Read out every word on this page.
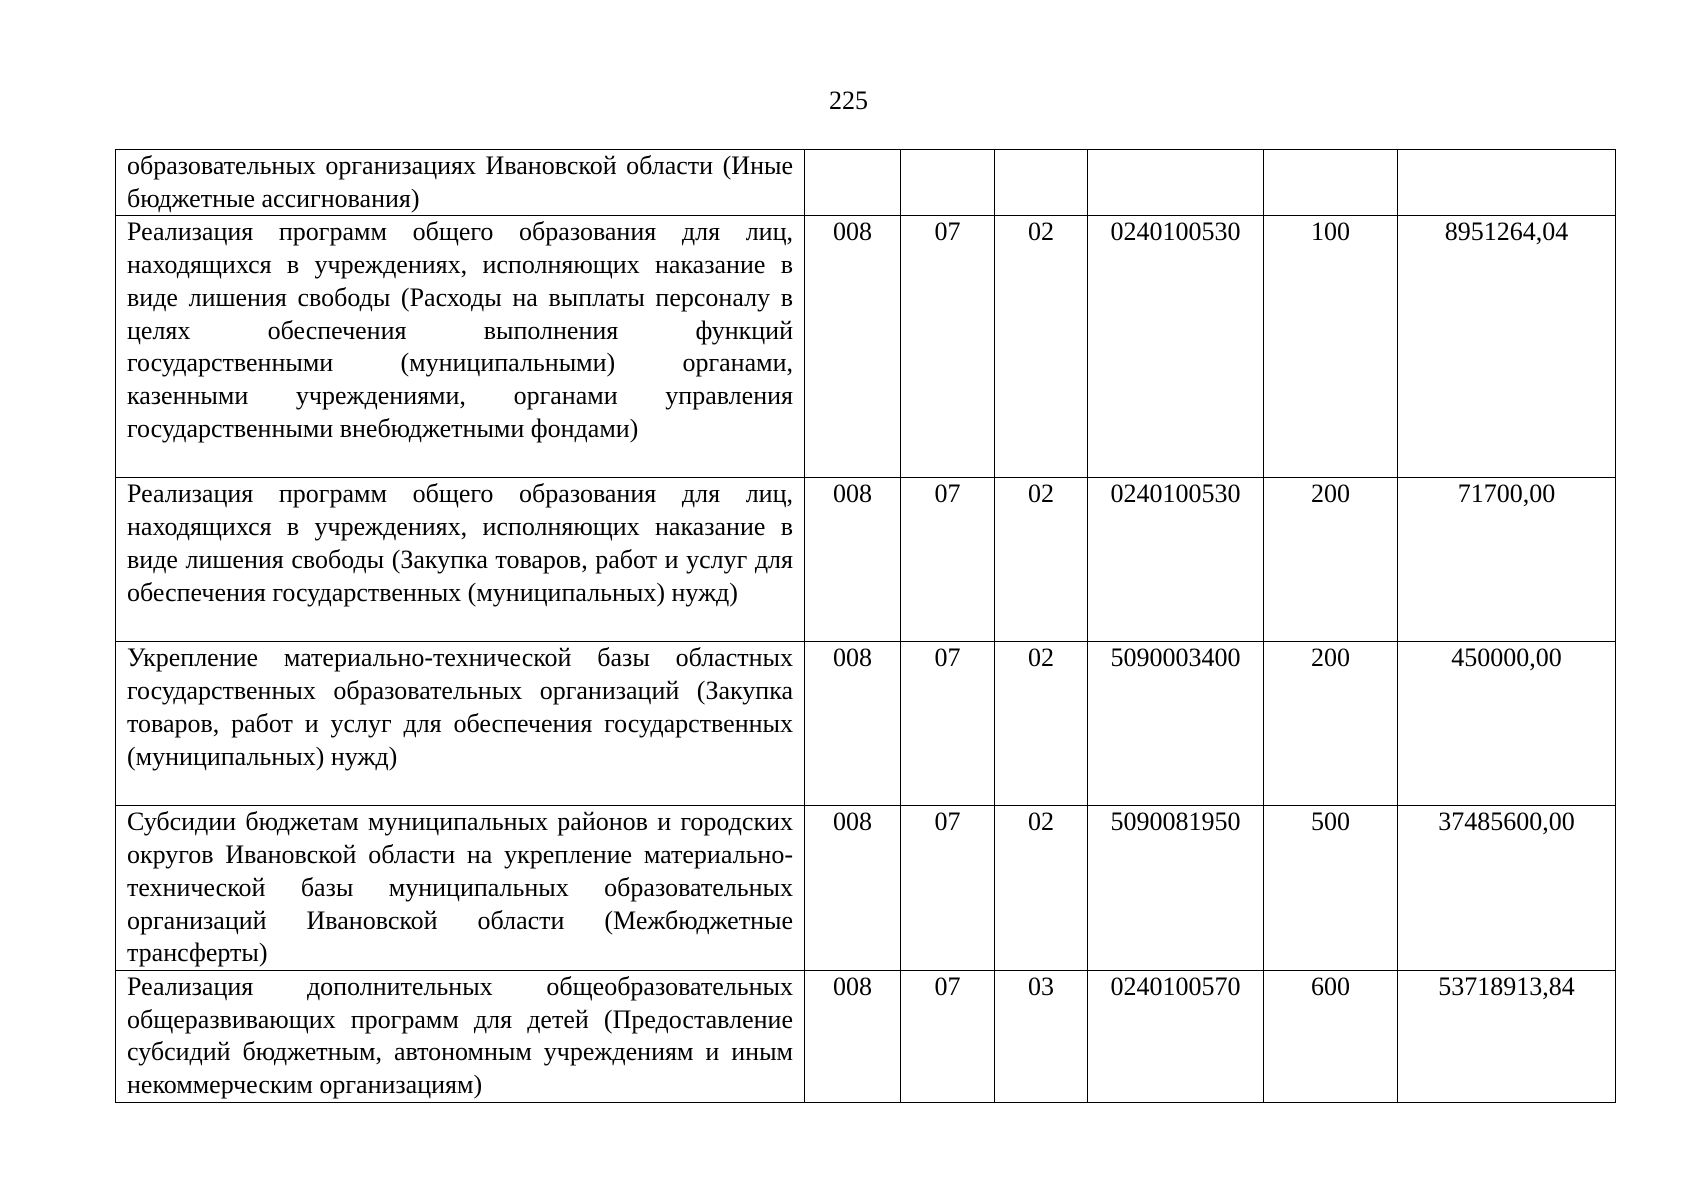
225
образовательных организациях Ивановской области (Иные бюджетные ассигнования)						
Реализация программ общего образования для лиц, находящихся в учреждениях, исполняющих наказание в виде лишения свободы (Расходы на выплаты персоналу в целях обеспечения выполнения функций государственными (муниципальными) органами, казенными учреждениями, органами управления государственными внебюджетными фондами)	008	07	02	0240100530	100	8951264,04
Реализация программ общего образования для лиц, находящихся в учреждениях, исполняющих наказание в виде лишения свободы (Закупка товаров, работ и услуг для обеспечения государственных (муниципальных) нужд)	008	07	02	0240100530	200	71700,00
Укрепление материально-технической базы областных государственных образовательных организаций (Закупка товаров, работ и услуг для обеспечения государственных (муниципальных) нужд)	008	07	02	5090003400	200	450000,00
Субсидии бюджетам муниципальных районов и городских округов Ивановской области на укрепление материально-технической базы муниципальных образовательных организаций Ивановской области (Межбюджетные трансферты)	008	07	02	5090081950	500	37485600,00
Реализация дополнительных общеобразовательных общеразвивающих программ для детей (Предоставление субсидий бюджетным, автономным учреждениям и иным некоммерческим организациям)	008	07	03	0240100570	600	53718913,84
